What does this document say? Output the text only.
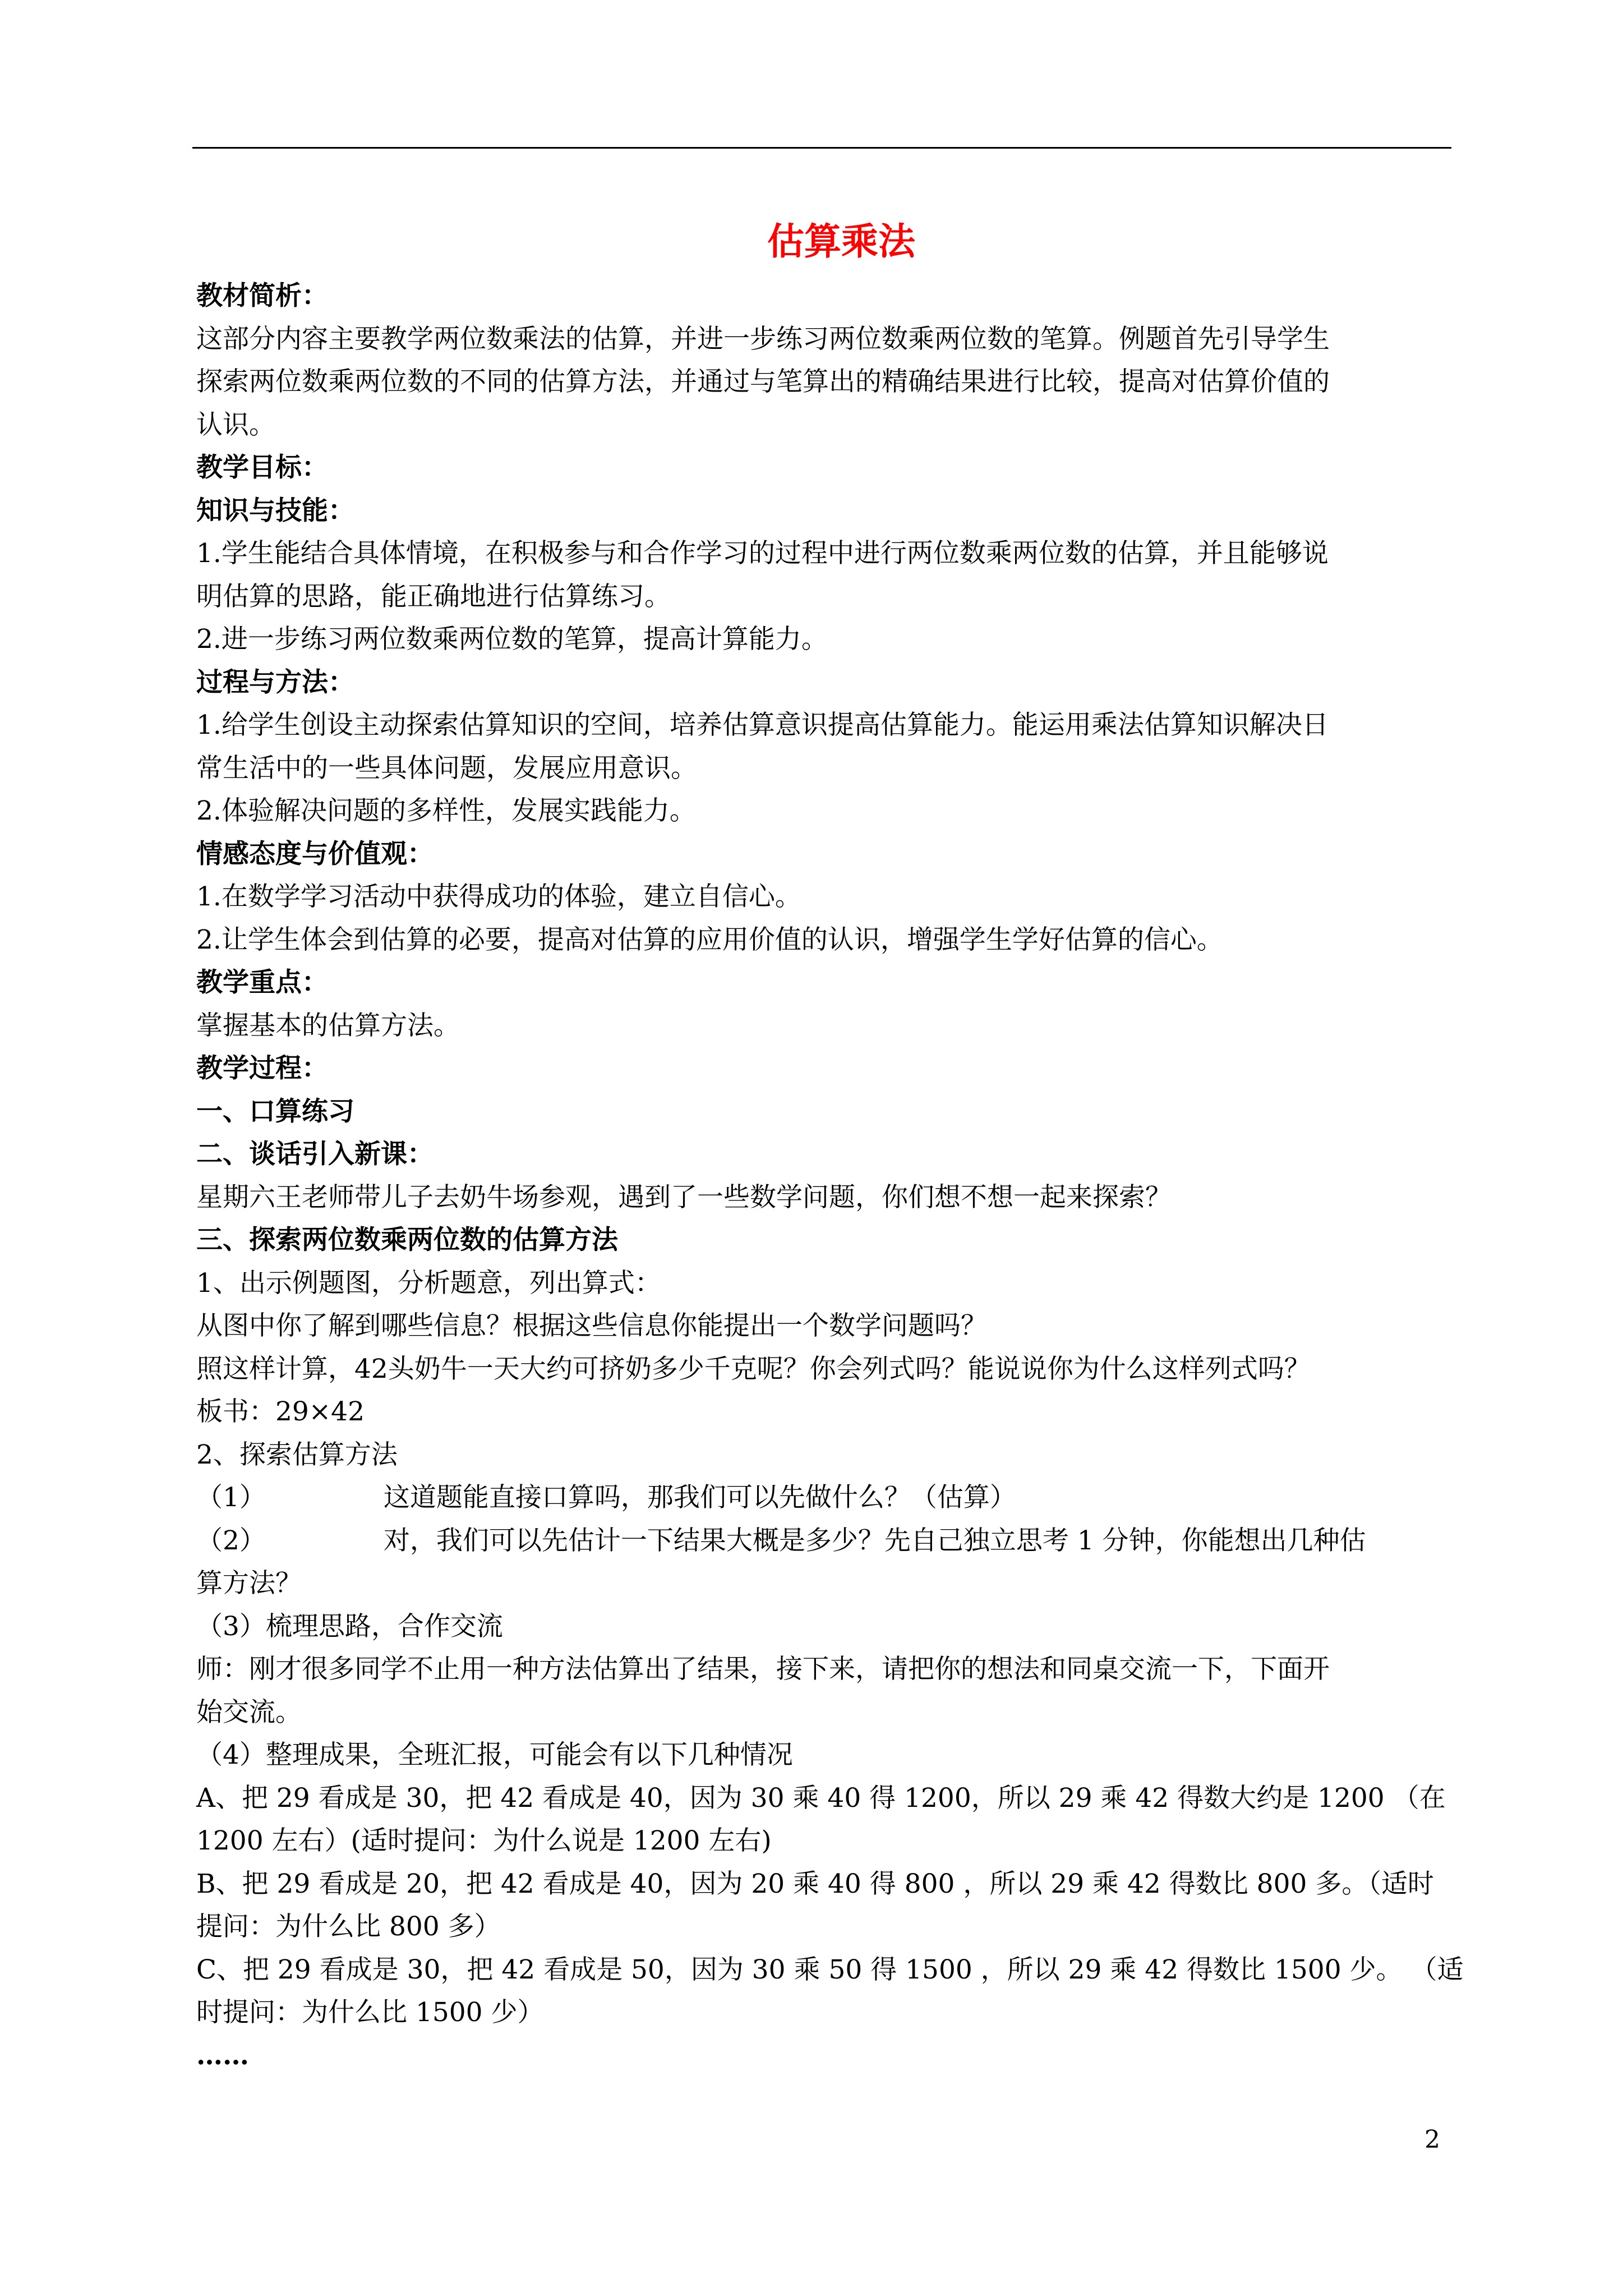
估算乘法
教材简析：
这部分内容主要教学两位数乘法的估算，并进一步练习两位数乘两位数的笔算。例题首先引导学生
探索两位数乘两位数的不同的估算方法，并通过与笔算出的精确结果进行比较，提高对估算价值的
认识。
教学目标：
知识与技能：
1.学生能结合具体情境，在积极参与和合作学习的过程中进行两位数乘两位数的估算，并且能够说
明估算的思路，能正确地进行估算练习。
2.进一步练习两位数乘两位数的笔算，提高计算能力。
过程与方法：
1.给学生创设主动探索估算知识的空间，培养估算意识提高估算能力。能运用乘法估算知识解决日
常生活中的一些具体问题，发展应用意识。
2.体验解决问题的多样性，发展实践能力。
情感态度与价值观：
1.在数学学习活动中获得成功的体验，建立自信心。
2.让学生体会到估算的必要，提高对估算的应用价值的认识，增强学生学好估算的信心。
教学重点：
掌握基本的估算方法。
教学过程：
一、口算练习
二、谈话引入新课：
星期六王老师带儿子去奶牛场参观，遇到了一些数学问题，你们想不想一起来探索？
三、探索两位数乘两位数的估算方法
1、出示例题图，分析题意，列出算式：
从图中你了解到哪些信息？根据这些信息你能提出一个数学问题吗？
照这样计算，42头奶牛一天大约可挤奶多少千克呢？你会列式吗？能说说你为什么这样列式吗？
板书：29×42
2、探索估算方法
（1）	这道题能直接口算吗，那我们可以先做什么？（估算）
（2）	对，我们可以先估计一下结果大概是多少？先自己独立思考 1 分钟，你能想出几种估
算方法？
（3）梳理思路，合作交流
师：刚才很多同学不止用一种方法估算出了结果，接下来，请把你的想法和同桌交流一下，下面开
始交流。
（4）整理成果，全班汇报，可能会有以下几种情况
A、把 29 看成是 30，把 42 看成是 40，因为 30 乘 40 得 1200，所以 29 乘 42 得数大约是 1200 （在
1200 左右）(适时提问：为什么说是 1200 左右)
B、把 29 看成是 20，把 42 看成是 40，因为 20 乘 40 得 800 ，所以 29 乘 42 得数比 800 多。（适时
提问：为什么比 800 多）
C、把 29 看成是 30，把 42 看成是 50，因为 30 乘 50 得 1500 ，所以 29 乘 42 得数比 1500 少。 （适
时提问：为什么比 1500 少）
……
2
